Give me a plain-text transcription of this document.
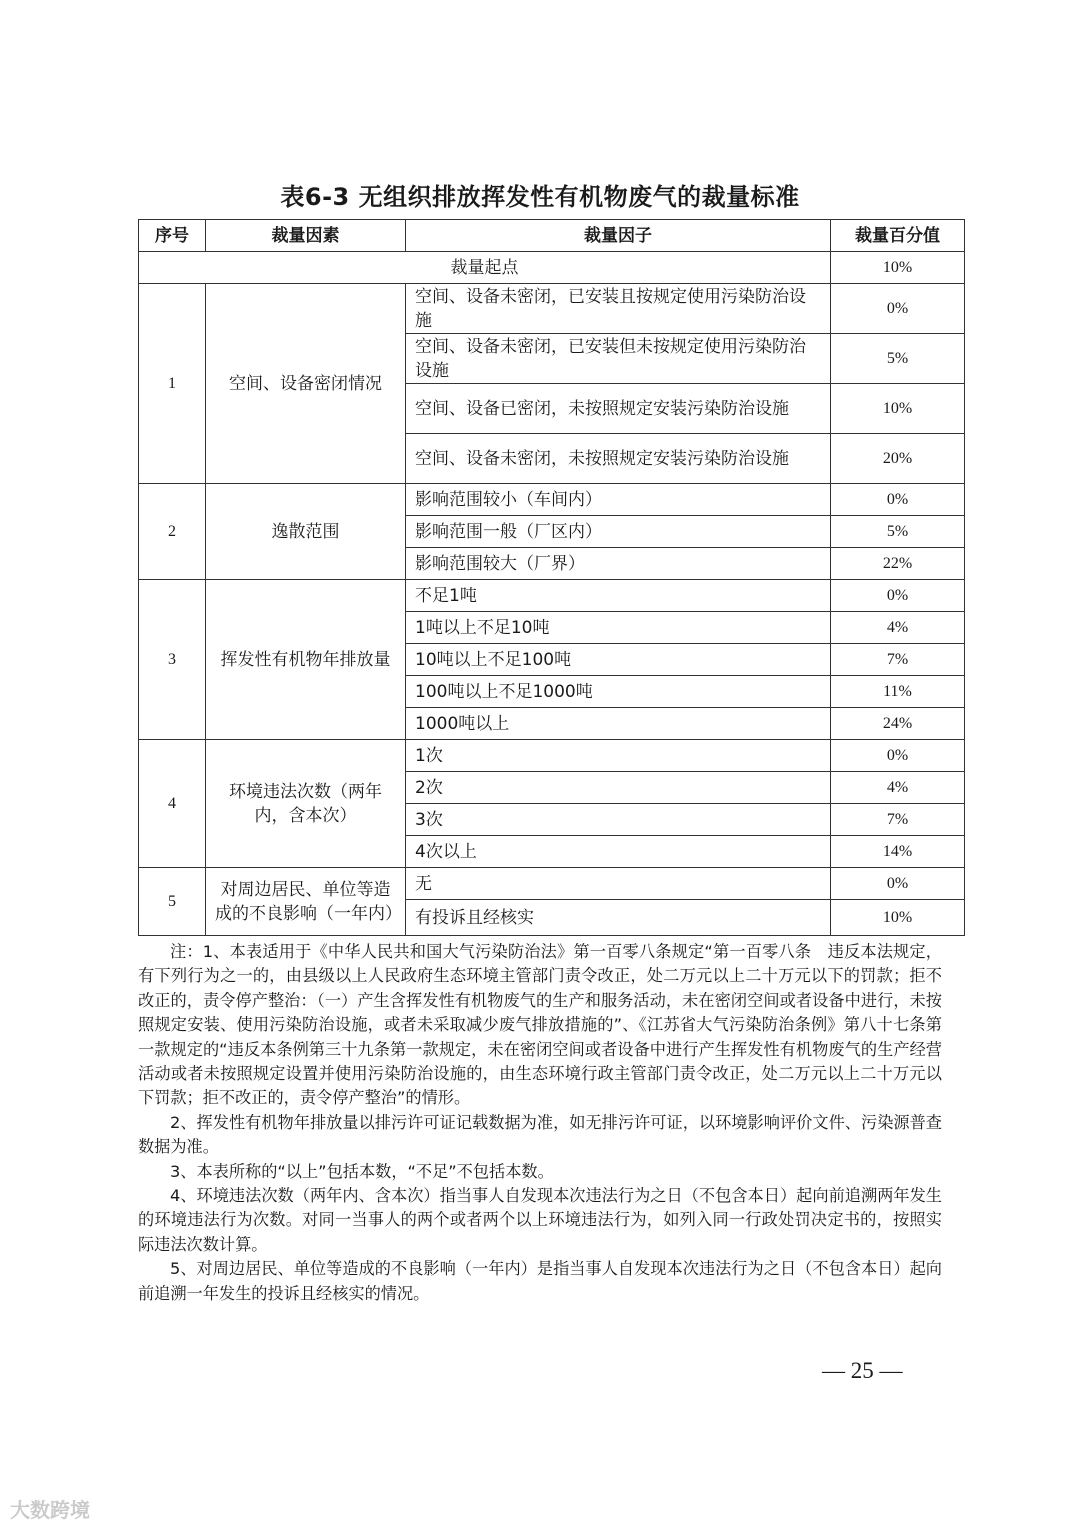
表6-3 无组织排放挥发性有机物废气的裁量标准
序号	裁量因素	裁量因子	裁量百分值
裁量起点			10%
1	空间、设备密闭情况	空间、设备未密闭，已安装且按规定使用污染防治设施	0%
		空间、设备未密闭，已安装但未按规定使用污染防治设施	5%
		空间、设备已密闭，未按照规定安装污染防治设施	10%
		空间、设备未密闭，未按照规定安装污染防治设施	20%
2	逸散范围	影响范围较小（车间内）	0%
		影响范围一般（厂区内）	5%
		影响范围较大（厂界）	22%
3	挥发性有机物年排放量	不足1吨	0%
		1吨以上不足10吨	4%
		10吨以上不足100吨	7%
		100吨以上不足1000吨	11%
		1000吨以上	24%
4	环境违法次数（两年内，含本次）	1次	0%
		2次	4%
		3次	7%
		4次以上	14%
5	对周边居民、单位等造成的不良影响（一年内）	无	0%
		有投诉且经核实	10%

注：1、本表适用于《中华人民共和国大气污染防治法》第一百零八条规定“第一百零八条　违反本法规定，有下列行为之一的，由县级以上人民政府生态环境主管部门责令改正，处二万元以上二十万元以下的罚款；拒不改正的，责令停产整治：（一）产生含挥发性有机物废气的生产和服务活动，未在密闭空间或者设备中进行，未按照规定安装、使用污染防治设施，或者未采取减少废气排放措施的”、《江苏省大气污染防治条例》第八十七条第一款规定的“违反本条例第三十九条第一款规定，未在密闭空间或者设备中进行产生挥发性有机物废气的生产经营活动或者未按照规定设置并使用污染防治设施的，由生态环境行政主管部门责令改正，处二万元以上二十万元以下罚款；拒不改正的，责令停产整治”的情形。

2、挥发性有机物年排放量以排污许可证记载数据为准，如无排污许可证，以环境影响评价文件、污染源普查数据为准。

3、本表所称的“以上”包括本数，“不足”不包括本数。

4、环境违法次数（两年内、含本次）指当事人自发现本次违法行为之日（不包含本日）起向前追溯两年发生的环境违法行为次数。对同一当事人的两个或者两个以上环境违法行为，如列入同一行政处罚决定书的，按照实际违法次数计算。

5、对周边居民、单位等造成的不良影响（一年内）是指当事人自发现本次违法行为之日（不包含本日）起向前追溯一年发生的投诉且经核实的情况。

— 25 —
大数跨境
